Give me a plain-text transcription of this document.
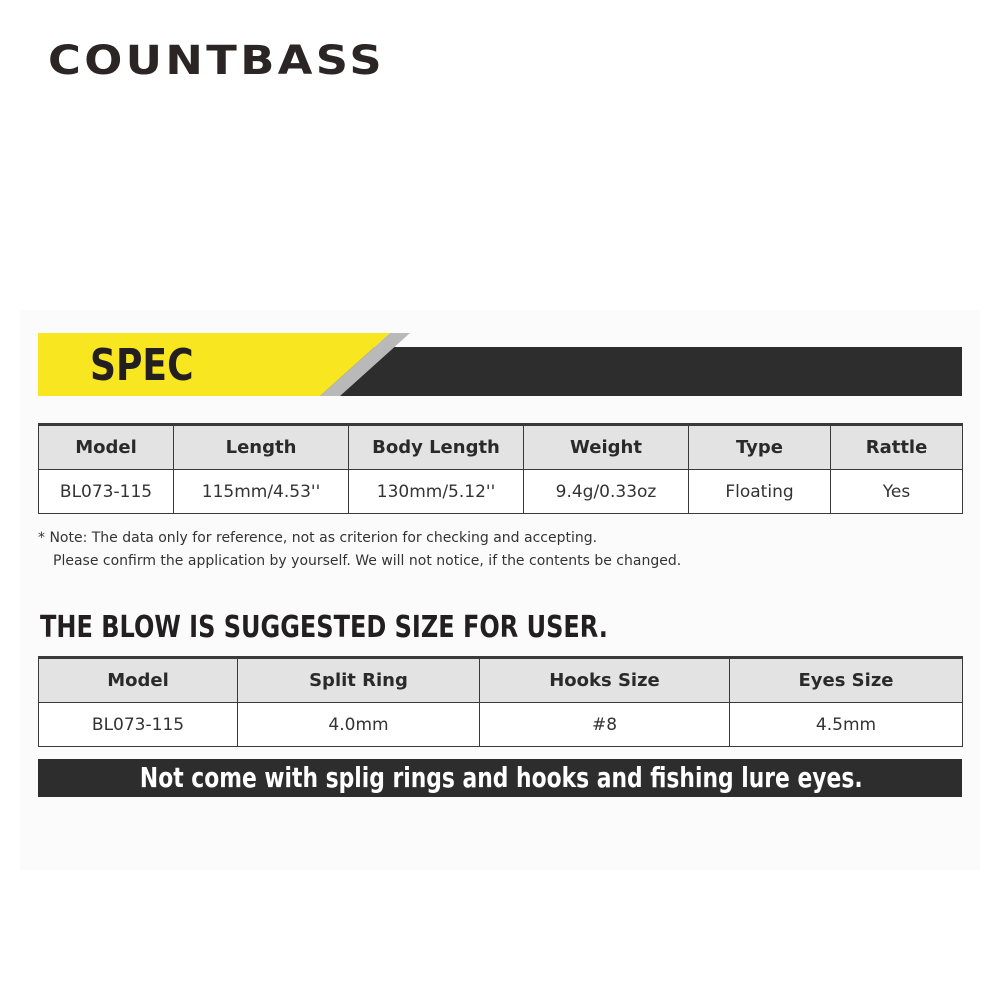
COUNTBASS
SPEC
Model	Length	Body Length	Weight	Type	Rattle
BL073-115	115mm/4.53''	130mm/5.12''	9.4g/0.33oz	Floating	Yes
* Note: The data only for reference, not as criterion for checking and accepting.
Please confirm the application by yourself. We will not notice, if the contents be changed.
THE BLOW IS SUGGESTED SIZE FOR USER.
Model	Split Ring	Hooks Size	Eyes Size
BL073-115	4.0mm	#8	4.5mm
Not come with splig rings and hooks and fishing lure eyes.
